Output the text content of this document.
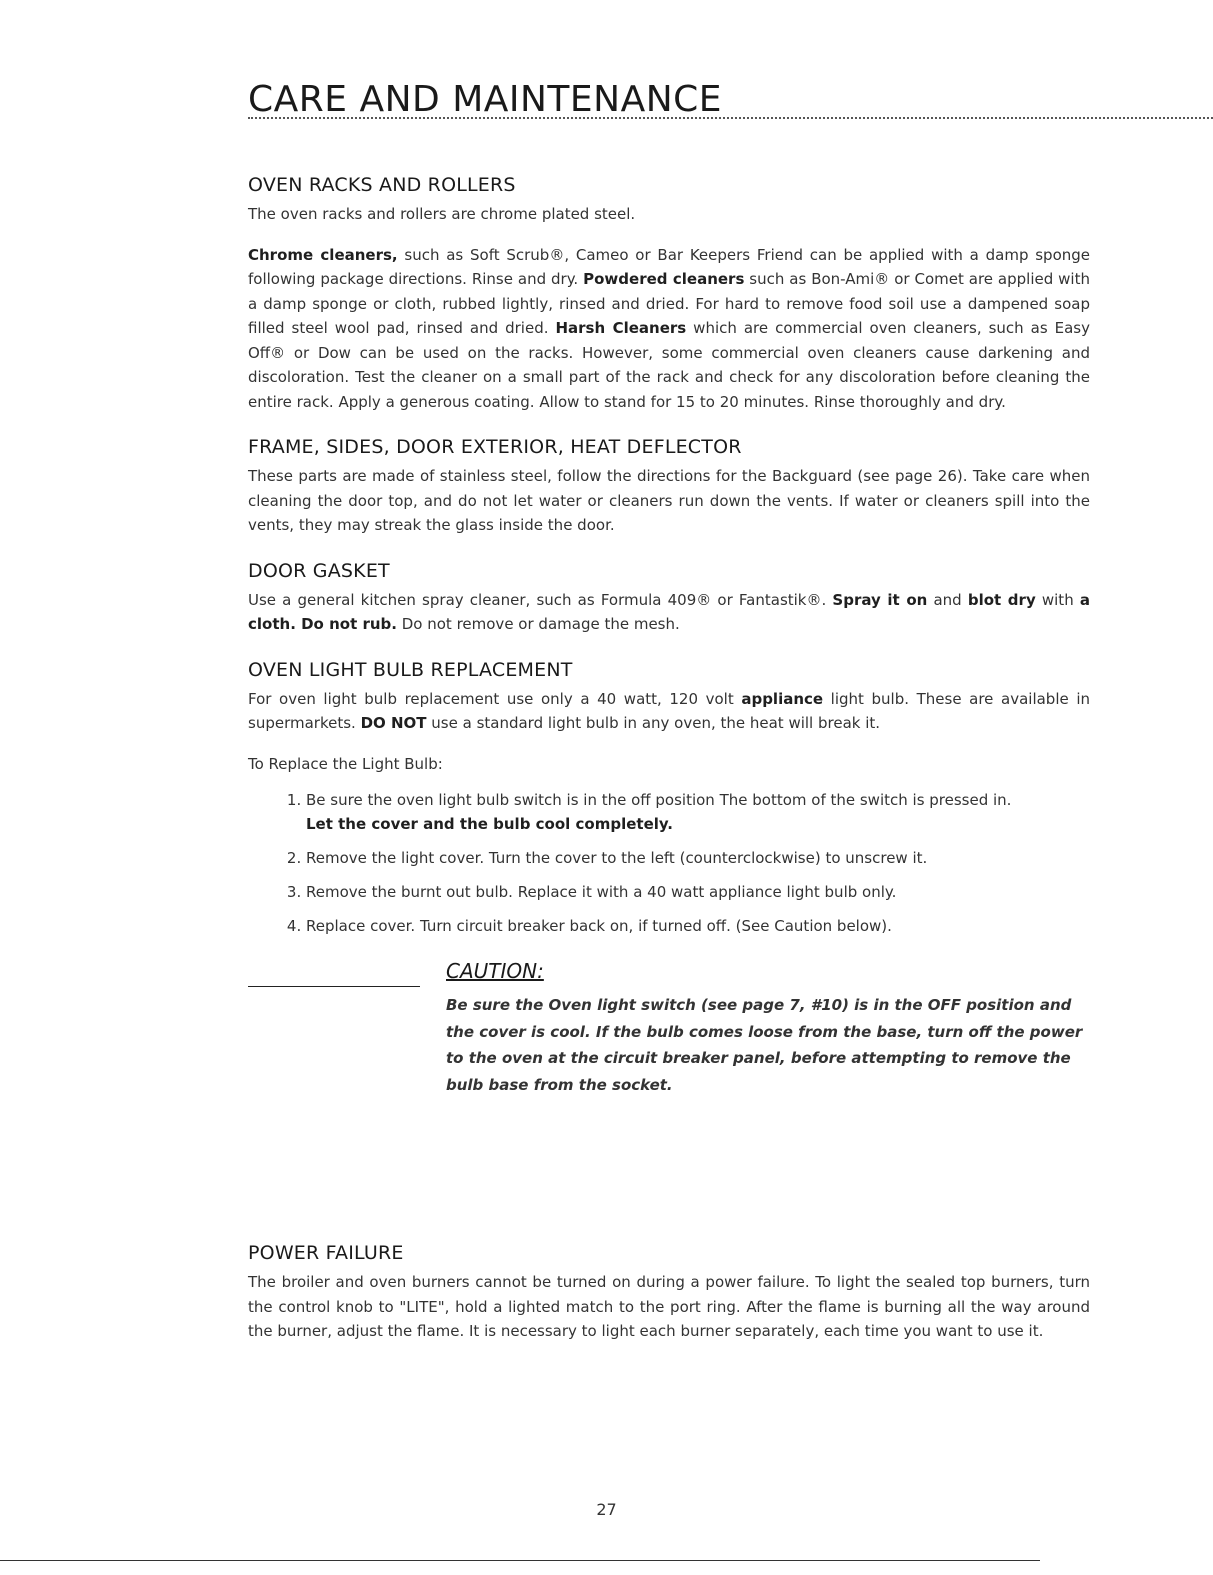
CARE AND MAINTENANCE
OVEN RACKS AND ROLLERS

The oven racks and rollers are chrome plated steel.

Chrome cleaners, such as Soft Scrub®, Cameo or Bar Keepers Friend can be applied with a damp sponge following package directions. Rinse and dry. Powdered cleaners such as Bon-Ami® or Comet are applied with a damp sponge or cloth, rubbed lightly, rinsed and dried. For hard to remove food soil use a dampened soap filled steel wool pad, rinsed and dried. Harsh Cleaners which are commercial oven cleaners, such as Easy Off® or Dow can be used on the racks. However, some commercial oven cleaners cause darkening and discoloration. Test the cleaner on a small part of the rack and check for any discoloration before cleaning the entire rack. Apply a generous coating. Allow to stand for 15 to 20 minutes. Rinse thoroughly and dry.

FRAME, SIDES, DOOR EXTERIOR, HEAT DEFLECTOR

These parts are made of stainless steel, follow the directions for the Backguard (see page 26). Take care when cleaning the door top, and do not let water or cleaners run down the vents. If water or cleaners spill into the vents, they may streak the glass inside the door.

DOOR GASKET

Use a general kitchen spray cleaner, such as Formula 409® or Fantastik®. Spray it on and blot dry with a cloth. Do not rub. Do not remove or damage the mesh.

OVEN LIGHT BULB REPLACEMENT

For oven light bulb replacement use only a 40 watt, 120 volt appliance light bulb. These are available in supermarkets. DO NOT use a standard light bulb in any oven, the heat will break it.

To Replace the Light Bulb:

1. Be sure the oven light bulb switch is in the off position The bottom of the switch is pressed in.
Let the cover and the bulb cool completely.
2. Remove the light cover. Turn the cover to the left (counterclockwise) to unscrew it.
3. Remove the burnt out bulb. Replace it with a 40 watt appliance light bulb only.
4. Replace cover. Turn circuit breaker back on, if turned off. (See Caution below).
CAUTION:
Be sure the Oven light switch (see page 7, #10) is in the OFF position and the cover is cool. If the bulb comes loose from the base, turn off the power to the oven at the circuit breaker panel, before attempting to remove the bulb base from the socket.
POWER FAILURE

The broiler and oven burners cannot be turned on during a power failure. To light the sealed top burners, turn the control knob to "LITE", hold a lighted match to the port ring. After the flame is burning all the way around the burner, adjust the flame. It is necessary to light each burner separately, each time you want to use it.

27
